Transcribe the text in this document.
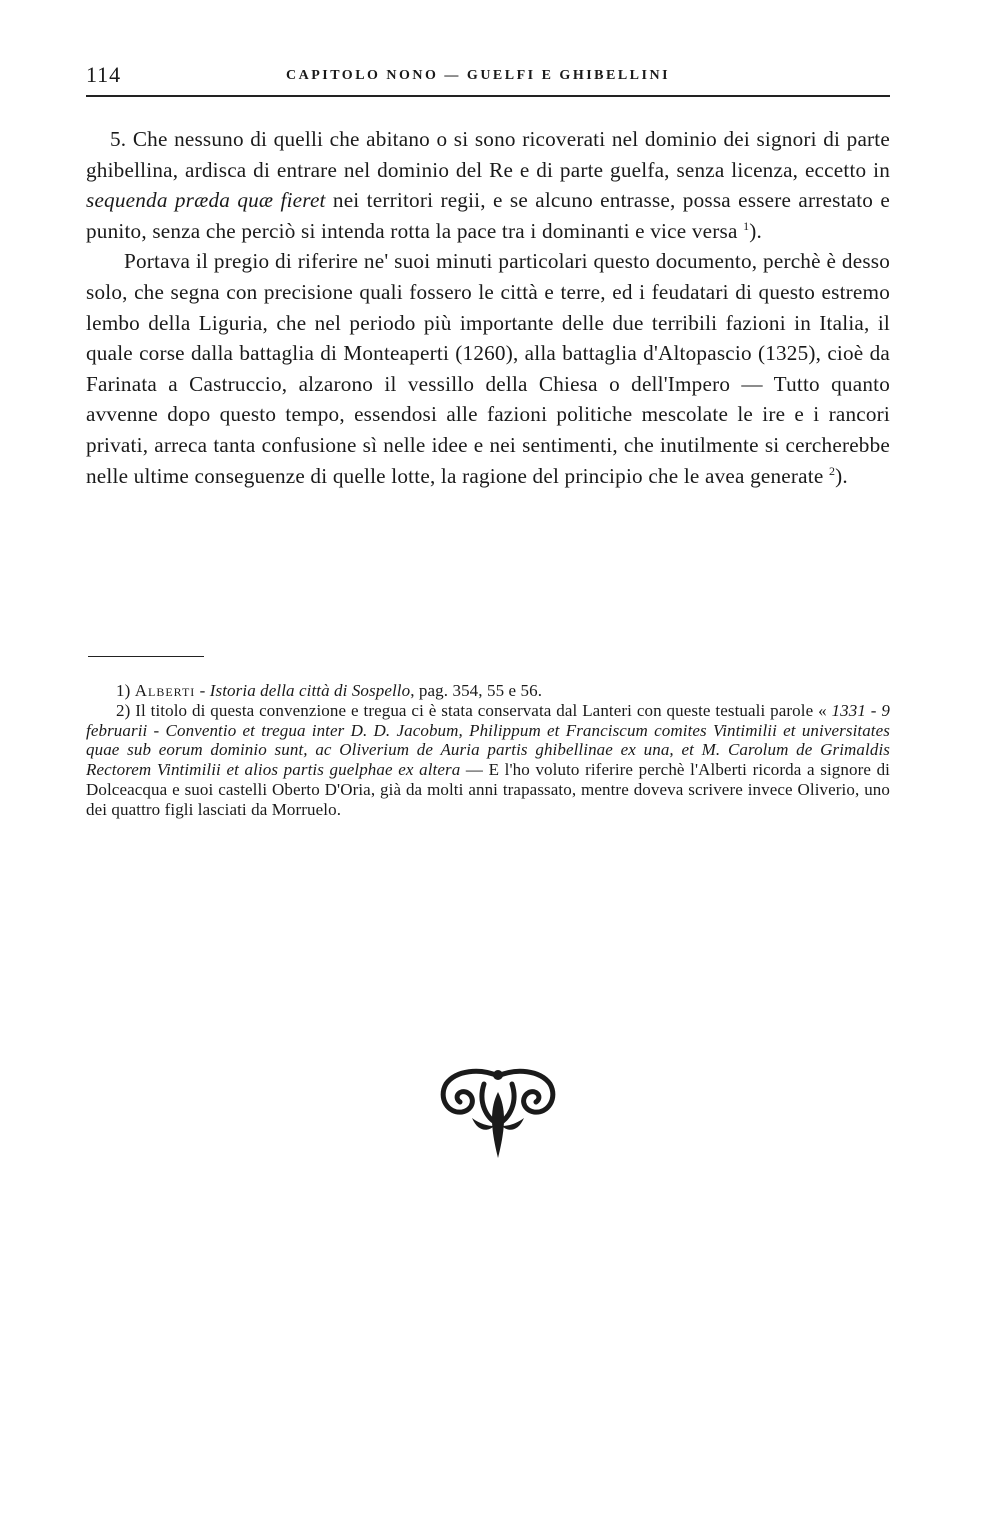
114	CAPITOLO NONO — GUELFI E GHIBELLINI

5. Che nessuno di quelli che abitano o si sono ricoverati nel dominio dei signori di parte ghibellina, ardisca di entrare nel dominio del Re e di parte guelfa, senza licenza, eccetto in sequenda præda quæ fieret nei territori regii, e se alcuno entrasse, possa essere arrestato e punito, senza che perciò si intenda rotta la pace tra i dominanti e vice versa $^1$).

Portava il pregio di riferire ne' suoi minuti particolari questo documento, perchè è desso solo, che segna con precisione quali fossero le città e terre, ed i feudatari di questo estremo lembo della Liguria, che nel periodo più importante delle due terribili fazioni in Italia, il quale corse dalla battaglia di Monteaperti (1260), alla battaglia d'Altopascio (1325), cioè da Farinata a Castruccio, alzarono il vessillo della Chiesa o dell'Impero — Tutto quanto avvenne dopo questo tempo, essendosi alle fazioni politiche mescolate le ire e i rancori privati, arreca tanta confusione sì nelle idee e nei sentimenti, che inutilmente si cercherebbe nelle ultime conseguenze di quelle lotte, la ragione del principio che le avea generate $^2$).

1) Alberti - Istoria della città di Sospello, pag. 354, 55 e 56.

2) Il titolo di questa convenzione e tregua ci è stata conservata dal Lanteri con queste testuali parole « 1331 - 9 februarii - Conventio et tregua inter D. D. Jacobum, Philippum et Franciscum comites Vintimilii et universitates quae sub eorum dominio sunt, ac Oliverium de Auria partis ghibellinae ex una, et M. Carolum de Grimaldis Rectorem Vintimilii et alios partis guelphae ex altera — E l'ho voluto riferire perchè l'Alberti ricorda a signore di Dolceacqua e suoi castelli Oberto D'Oria, già da molti anni trapassato, mentre doveva scrivere invece Oliverio, uno dei quattro figli lasciati da Morruelo.
